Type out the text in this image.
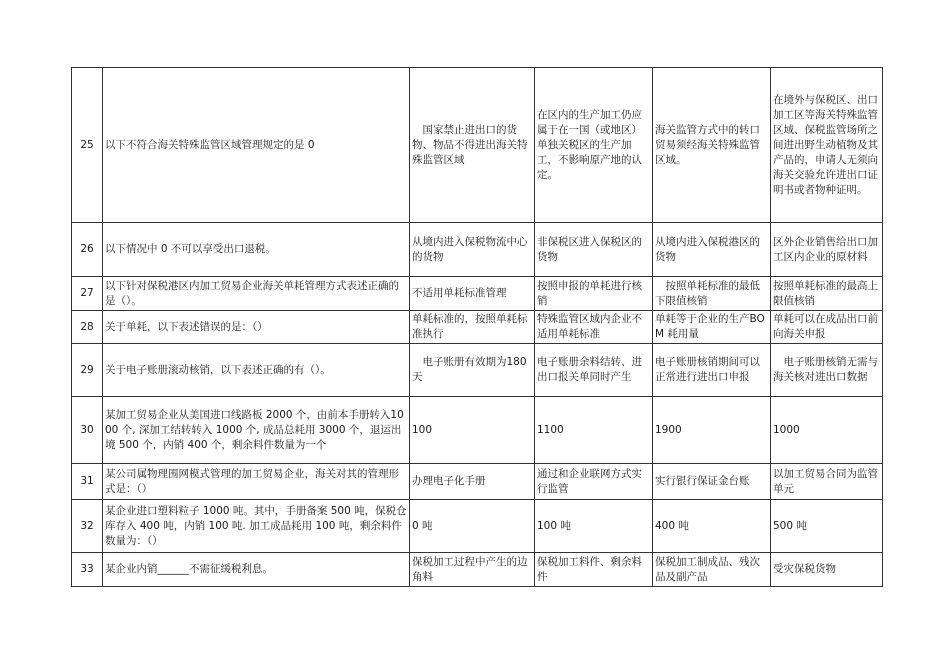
25	以下不符合海关特殊监管区域管理规定的是 0	　国家禁止进出口的货物、物品不得进出海关特殊监管区域	在区内的生产加工仍应属于在一国（或地区）单独关税区的生产加工，不影响原产地的认定。	海关监管方式中的转口贸易须经海关特殊监管区域。	在境外与保税区、出口加工区等海关特殊监管区域、保税监管场所之间进出野生动植物及其产品的，申请人无须向海关交验允许进出口证明书或者物种证明。
26	以下情况中 0 不可以享受出口退税。	从境内进入保税物流中心的货物	非保税区进入保税区的货物	从境内进入保税港区的货物	区外企业销售给出口加工区内企业的原材料
27	以下针对保税港区内加工贸易企业海关单耗管理方式表述正确的是（）。	不适用单耗标准管理	按照申报的单耗进行核销	　按照单耗标准的最低下限值核销	按照单耗标准的最高上限值核销
28	关于单耗，以下表述错误的是：（）	单耗标准的，按照单耗标准执行	特殊监管区域内企业不适用单耗标准	单耗等于企业的生产BOM 耗用量	单耗可以在成品出口前向海关申报
29	关于电子账册滚动核销，以下表述正确的有（）。	　电子账册有效期为180 天	电子账册余料结转、进出口报关单同时产生	电子账册核销期间可以正常进行进出口申报	　电子账册核销无需与海关核对进出口数据
30	某加工贸易企业从美国进口线路板 2000 个，由前本手册转入1000 个, 深加工结转转入 1000 个, 成品总耗用 3000 个，退运出境 500 个，内销 400 个，剩余料件数量为一个	100	1100	1900	1000
31	某公司属物理围网模式管理的加工贸易企业，海关对其的管理形式是：（）	办理电子化手册	通过和企业联网方式实行监管	实行银行保证金台账	以加工贸易合同为监管单元
32	某企业进口塑料粒子 1000 吨。其中，手册备案 500 吨，保税仓库存入 400 吨，内销 100 吨. 加工成品耗用 100 吨，剩余料件数量为：（）	0 吨	100 吨	400 吨	500 吨
33	某企业内销______不需征缓税利息。	保税加工过程中产生的边角料	保税加工料件、剩余料件	保税加工制成品、残次品及副产品	受灾保税货物
